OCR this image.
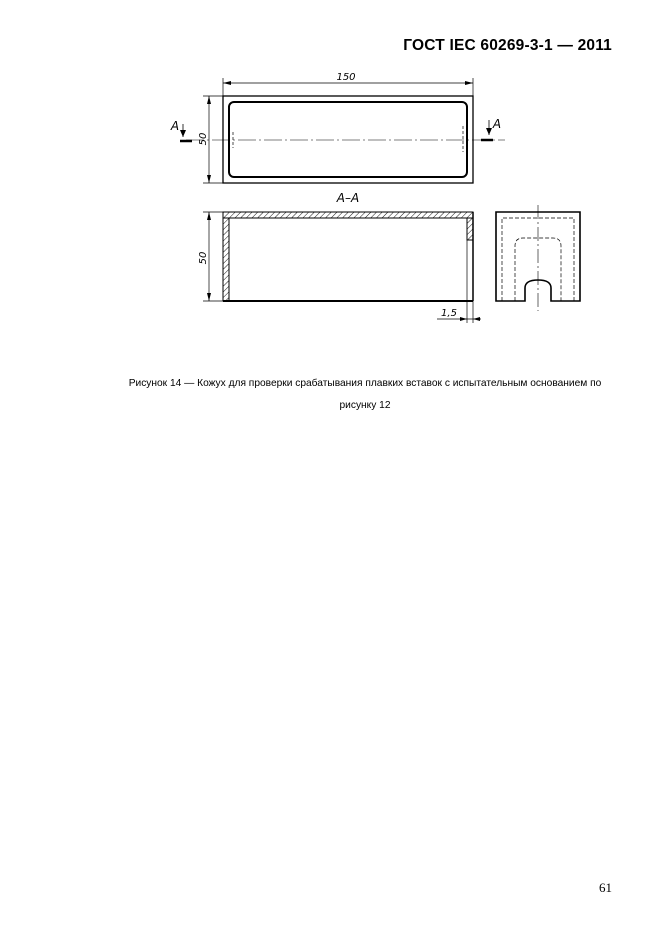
ГОСТ IEC 60269-3-1 — 2011
150
50
A	A
A–A
50
1,5
Рисунок 14 — Кожух для проверки срабатывания плавких вставок с испытательным основанием по
рисунку 12
61
